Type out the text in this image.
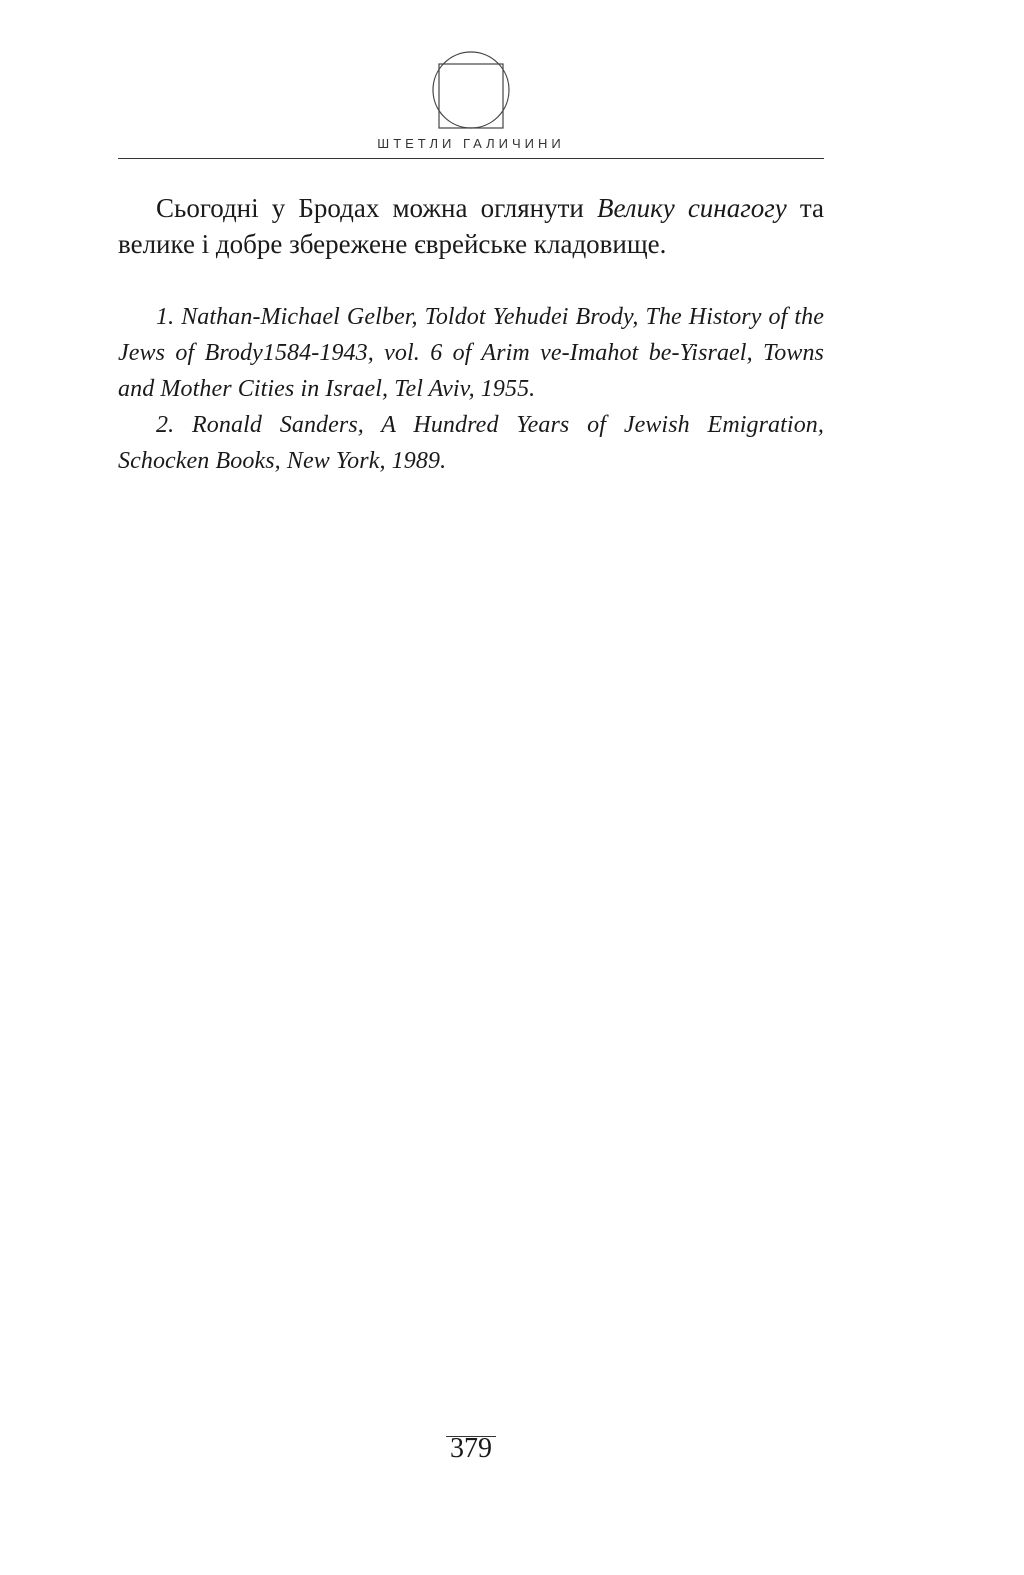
ШТЕТЛИ ГАЛИЧИНИ

Сьогодні у Бродах можна оглянути Велику синагогу та велике і добре збережене єврейське кладовище.

1. Nathan-Michael Gelber, Toldot Yehudei Brody, The History of the Jews of Brody1584-1943, vol. 6 of Arim ve-Imahot be-Yisrael, Towns and Mother Cities in Israel, Tel Aviv, 1955.

2. Ronald Sanders, A Hundred Years of Jewish Emigration, Schocken Books, New York, 1989.

379
